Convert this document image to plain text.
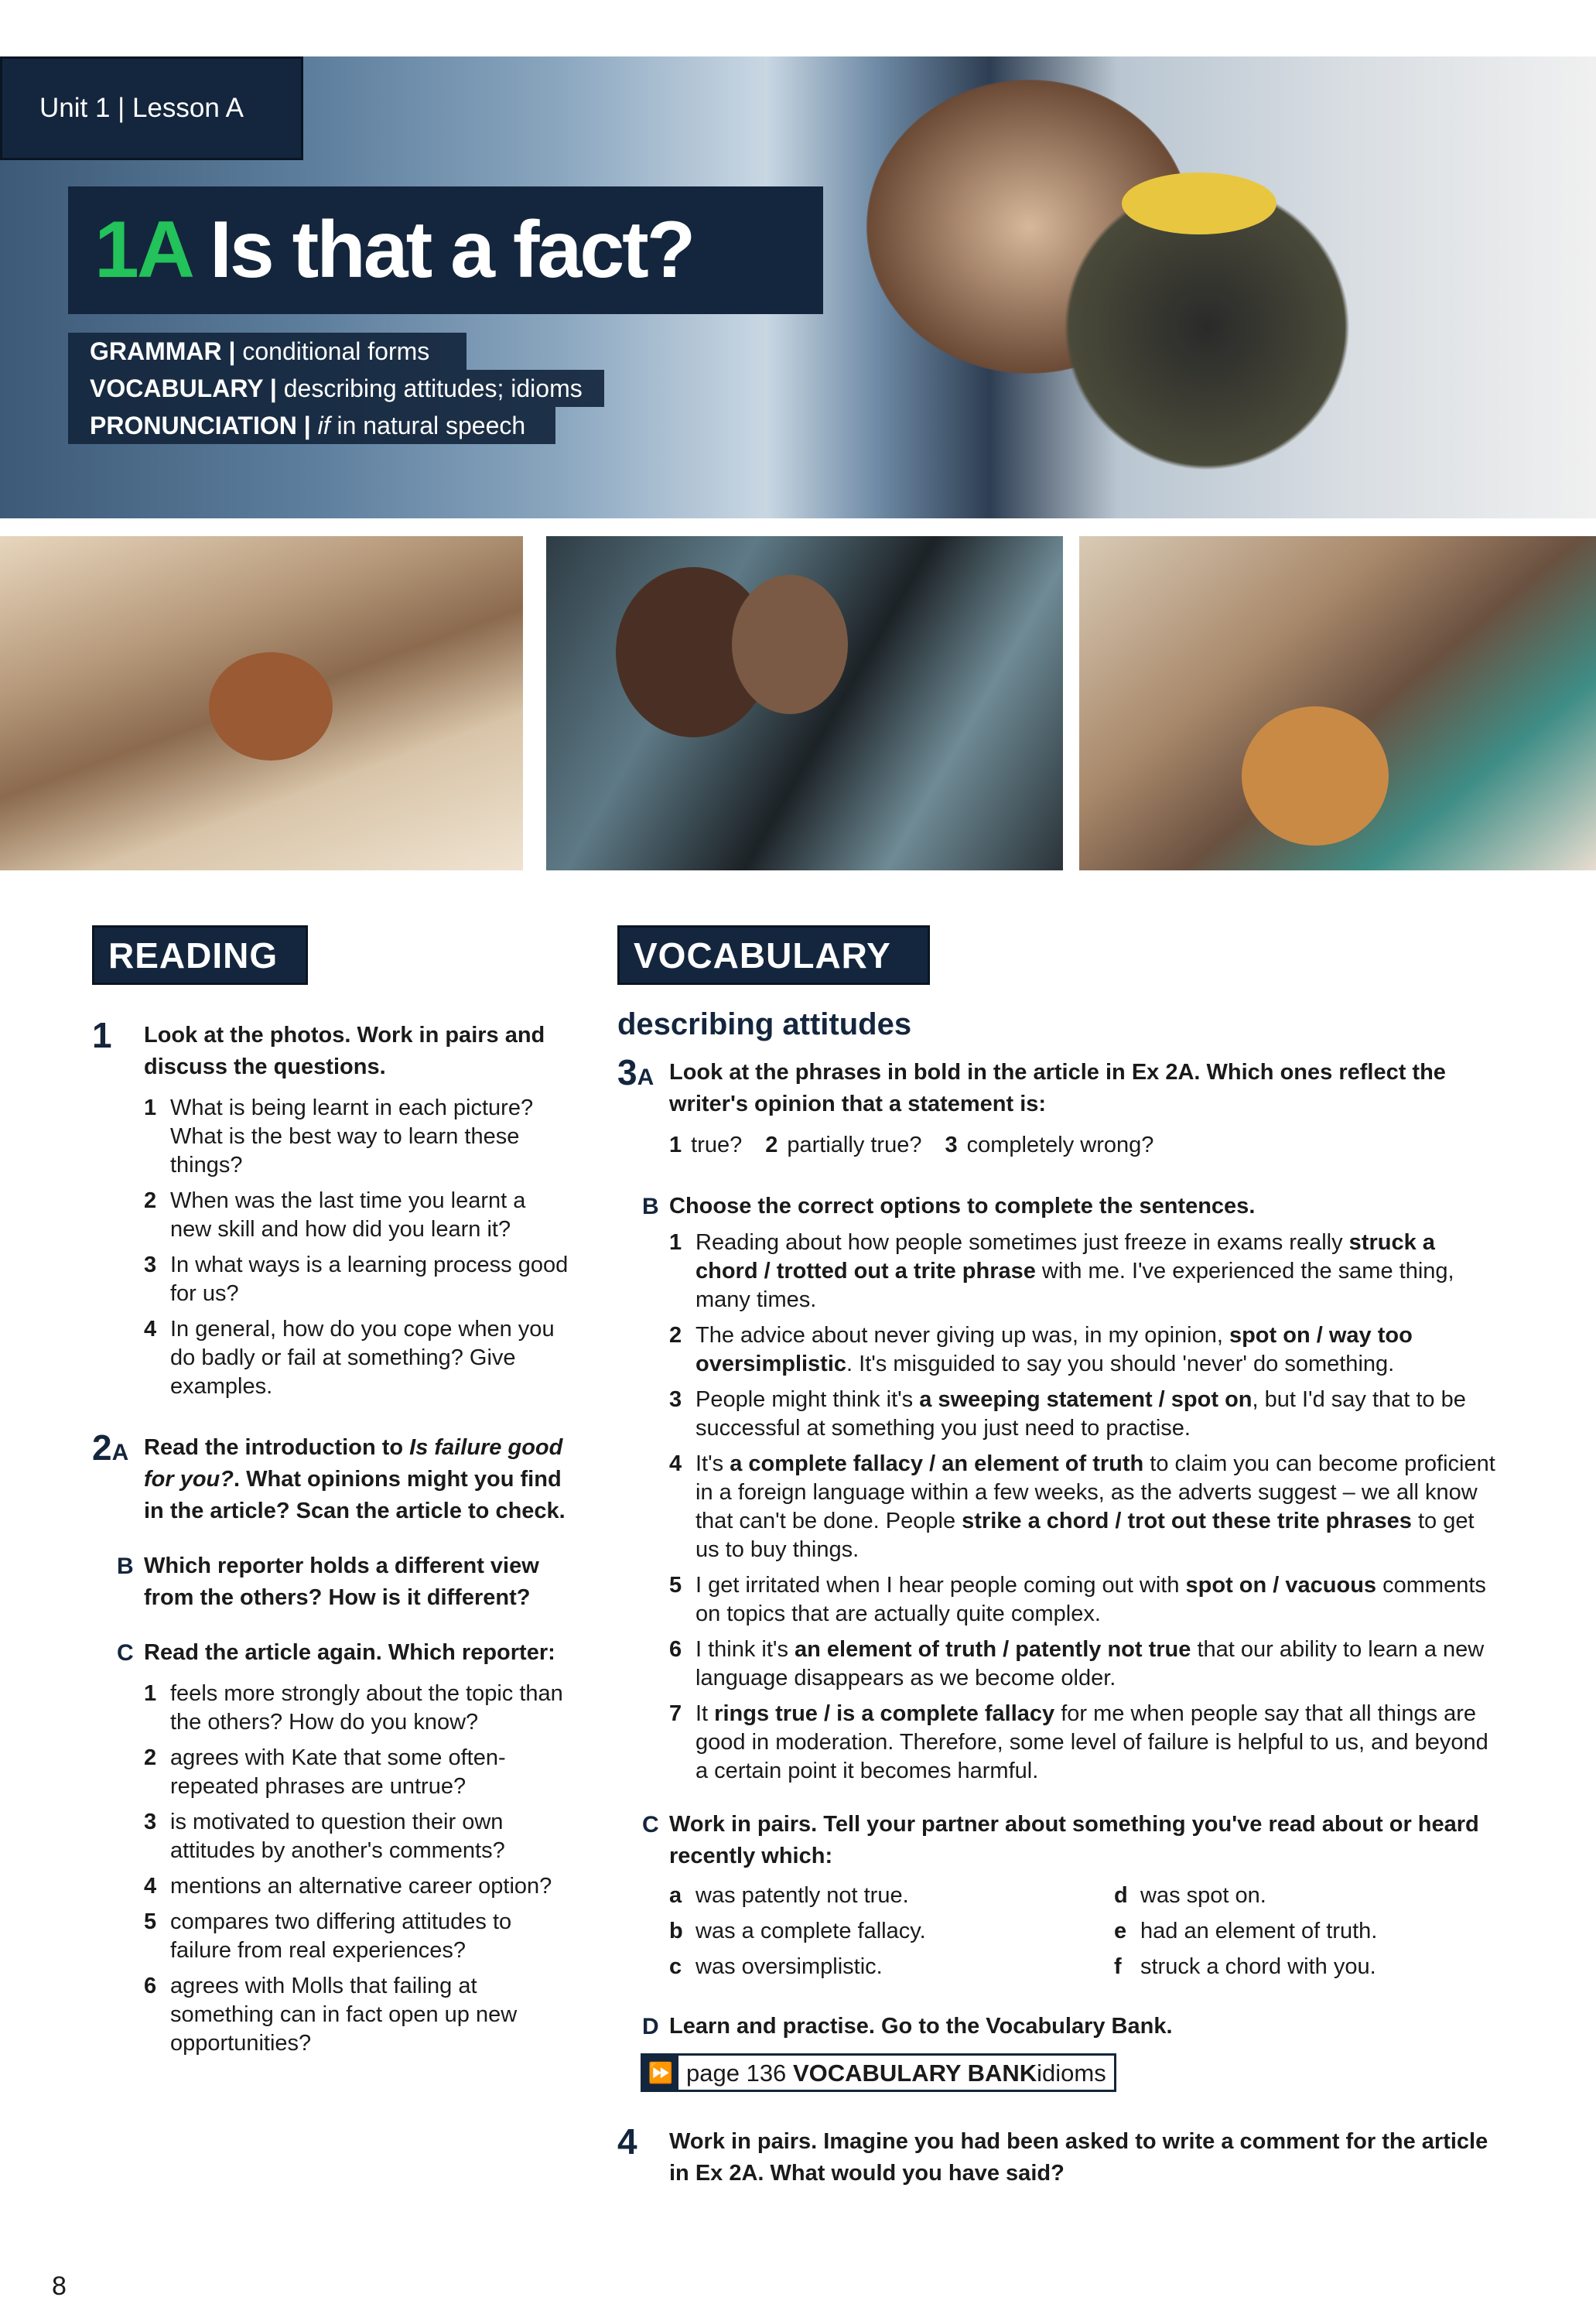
Unit 1 | Lesson A
1A Is that a fact?
GRAMMAR | conditional forms
VOCABULARY | describing attitudes; idioms
PRONUNCIATION | if in natural speech
READING	VOCABULARY
1	Look at the photos. Work in pairs and discuss the questions.
1 What is being learnt in each picture? What is the best way to learn these things?
2 When was the last time you learnt a new skill and how did you learn it?
3 In what ways is a learning process good for us?
4 In general, how do you cope when you do badly or fail at something? Give examples.
2A Read the introduction to Is failure good for you?. What opinions might you find in the article? Scan the article to check.
B Which reporter holds a different view from the others? How is it different?
C Read the article again. Which reporter:
1 feels more strongly about the topic than the others? How do you know?
2 agrees with Kate that some often-repeated phrases are untrue?
3 is motivated to question their own attitudes by another's comments?
4 mentions an alternative career option?
5 compares two differing attitudes to failure from real experiences?
6 agrees with Molls that failing at something can in fact open up new opportunities?
describing attitudes
3A Look at the phrases in bold in the article in Ex 2A. Which ones reflect the writer's opinion that a statement is:
1 true? 2 partially true? 3 completely wrong?
B Choose the correct options to complete the sentences.
1 Reading about how people sometimes just freeze in exams really struck a chord / trotted out a trite phrase with me. I've experienced the same thing, many times.
2 The advice about never giving up was, in my opinion, spot on / way too oversimplistic. It's misguided to say you should 'never' do something.
3 People might think it's a sweeping statement / spot on, but I'd say that to be successful at something you just need to practise.
4 It's a complete fallacy / an element of truth to claim you can become proficient in a foreign language within a few weeks, as the adverts suggest – we all know that can't be done. People strike a chord / trot out these trite phrases to get us to buy things.
5 I get irritated when I hear people coming out with spot on / vacuous comments on topics that are actually quite complex.
6 I think it's an element of truth / patently not true that our ability to learn a new language disappears as we become older.
7 It rings true / is a complete fallacy for me when people say that all things are good in moderation. Therefore, some level of failure is helpful to us, and beyond a certain point it becomes harmful.
C Work in pairs. Tell your partner about something you've read about or heard recently which:
a was patently not true.	d was spot on.
b was a complete fallacy.	e had an element of truth.
c was oversimplistic.	f struck a chord with you.
D Learn and practise. Go to the Vocabulary Bank.
⏩ page 136
VOCABULARY BANK idioms
4	Work in pairs. Imagine you had been asked to write a comment for the article in Ex 2A. What would you have said?
8
